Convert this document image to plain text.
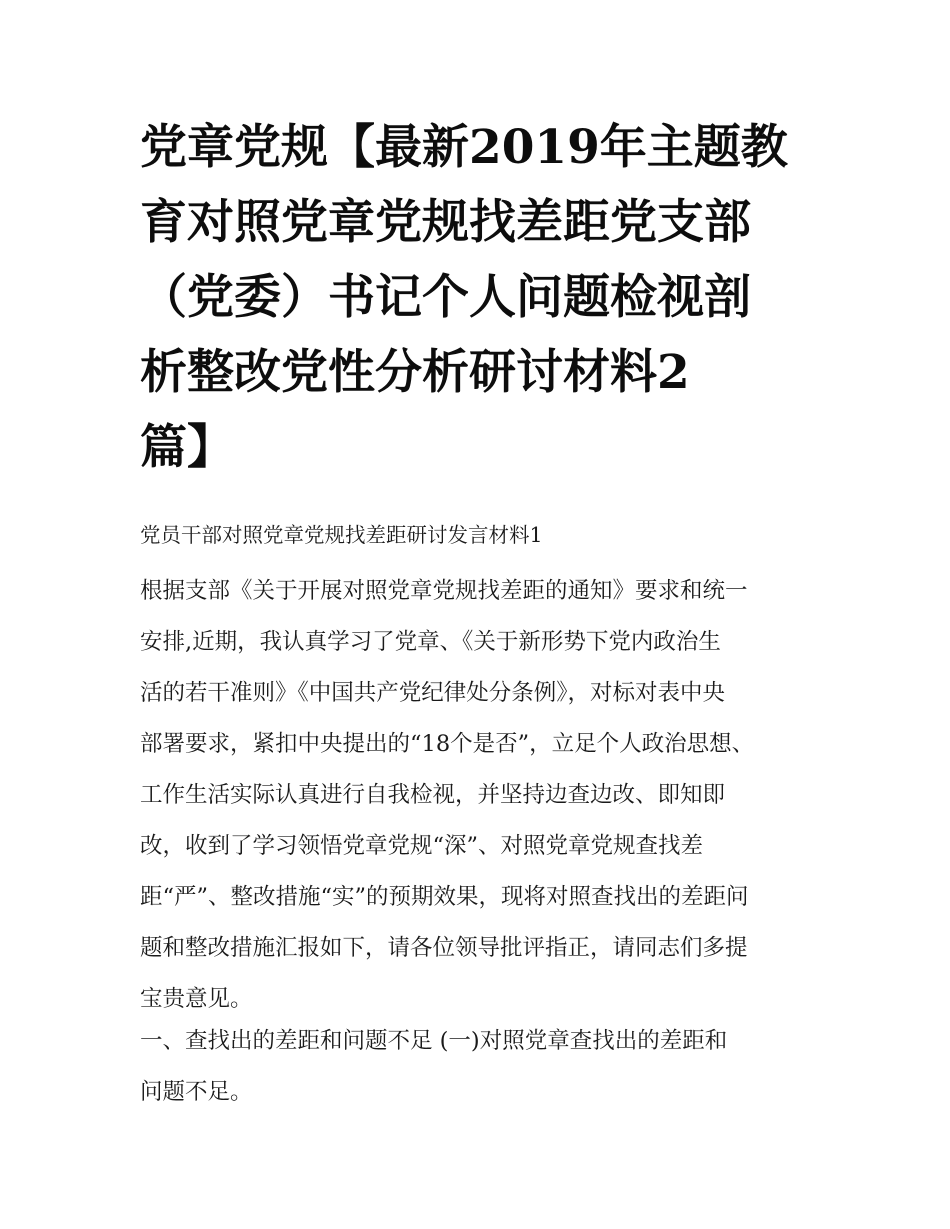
党章党规【最新2019年主题教
育对照党章党规找差距党支部
（党委）书记个人问题检视剖
析整改党性分析研讨材料2
篇】
党员干部对照党章党规找差距研讨发言材料1
根据支部《关于开展对照党章党规找差距的通知》要求和统一
安排,近期，我认真学习了党章、《关于新形势下党内政治生
活的若干准则》《中国共产党纪律处分条例》，对标对表中央
部署要求，紧扣中央提出的“18个是否”，立足个人政治思想、
工作生活实际认真进行自我检视，并坚持边查边改、即知即
改，收到了学习领悟党章党规“深”、对照党章党规查找差
距“严”、整改措施“实”的预期效果，现将对照查找出的差距问
题和整改措施汇报如下，请各位领导批评指正，请同志们多提
宝贵意见。
一、查找出的差距和问题不足 (一)对照党章查找出的差距和
问题不足。
